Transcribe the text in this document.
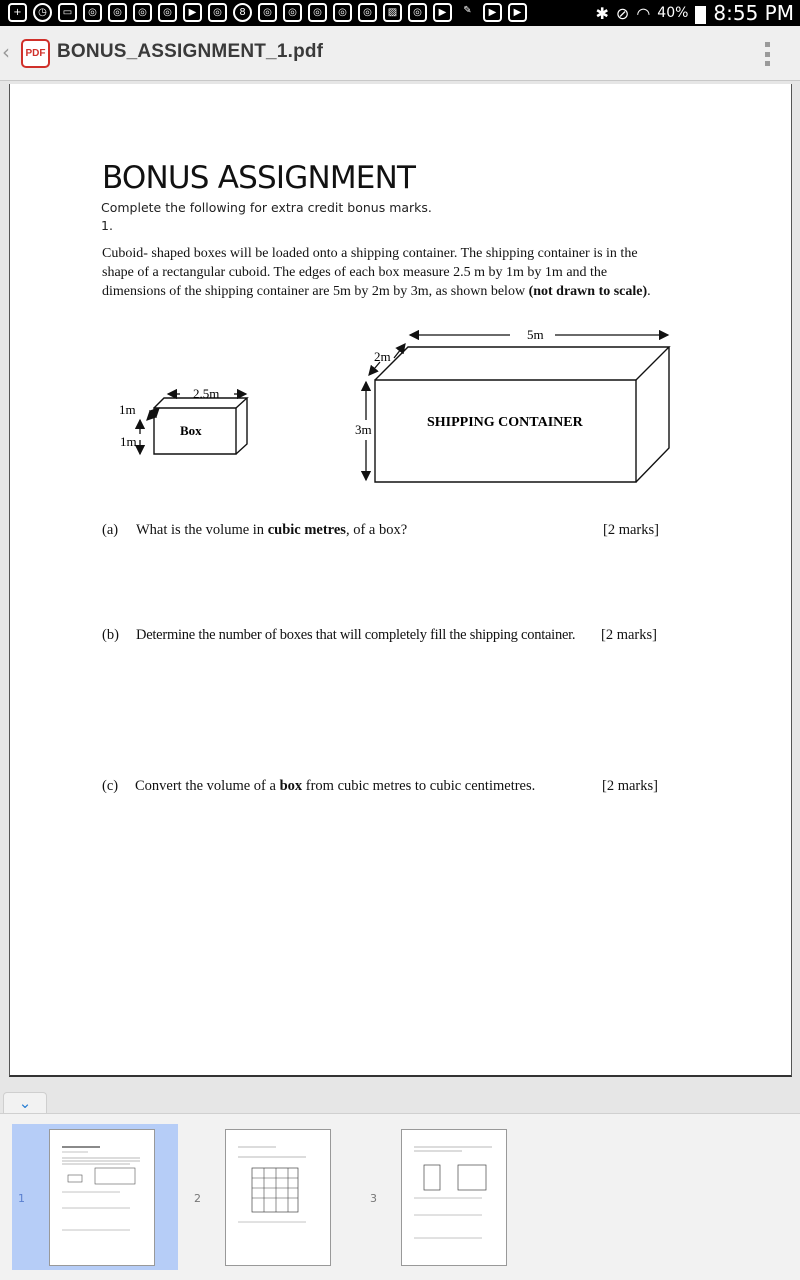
+	◷	▭	◎	◎	◎	◎	▶	◎	8	◎	◎	◎	◎	◎	▨	◎	▶	✎	▶	▶	✱ ⊘ ◠ 40% 8:55 PM
‹	PDF BONUS_ASSIGNMENT_1.pdf
BONUS ASSIGNMENT
Complete the following for extra credit bonus marks.
1.
Cuboid- shaped boxes will be loaded onto a shipping container. The shipping container is in the shape of a rectangular cuboid. The edges of each box measure 2.5 m by 1m by 1m and the dimensions of the shipping container are 5m by 2m by 3m, as shown below (not drawn to scale).
Box
2.5m
1m
1m
SHIPPING CONTAINER
5m
2m
3m
(a) What is the volume in cubic metres, of a box?	[2 marks]
(b) Determine the number of boxes that will completely fill the shipping container. [2 marks]
(c) Convert the volume of a box from cubic metres to cubic centimetres.	[2 marks]
⌄
1	2	3
